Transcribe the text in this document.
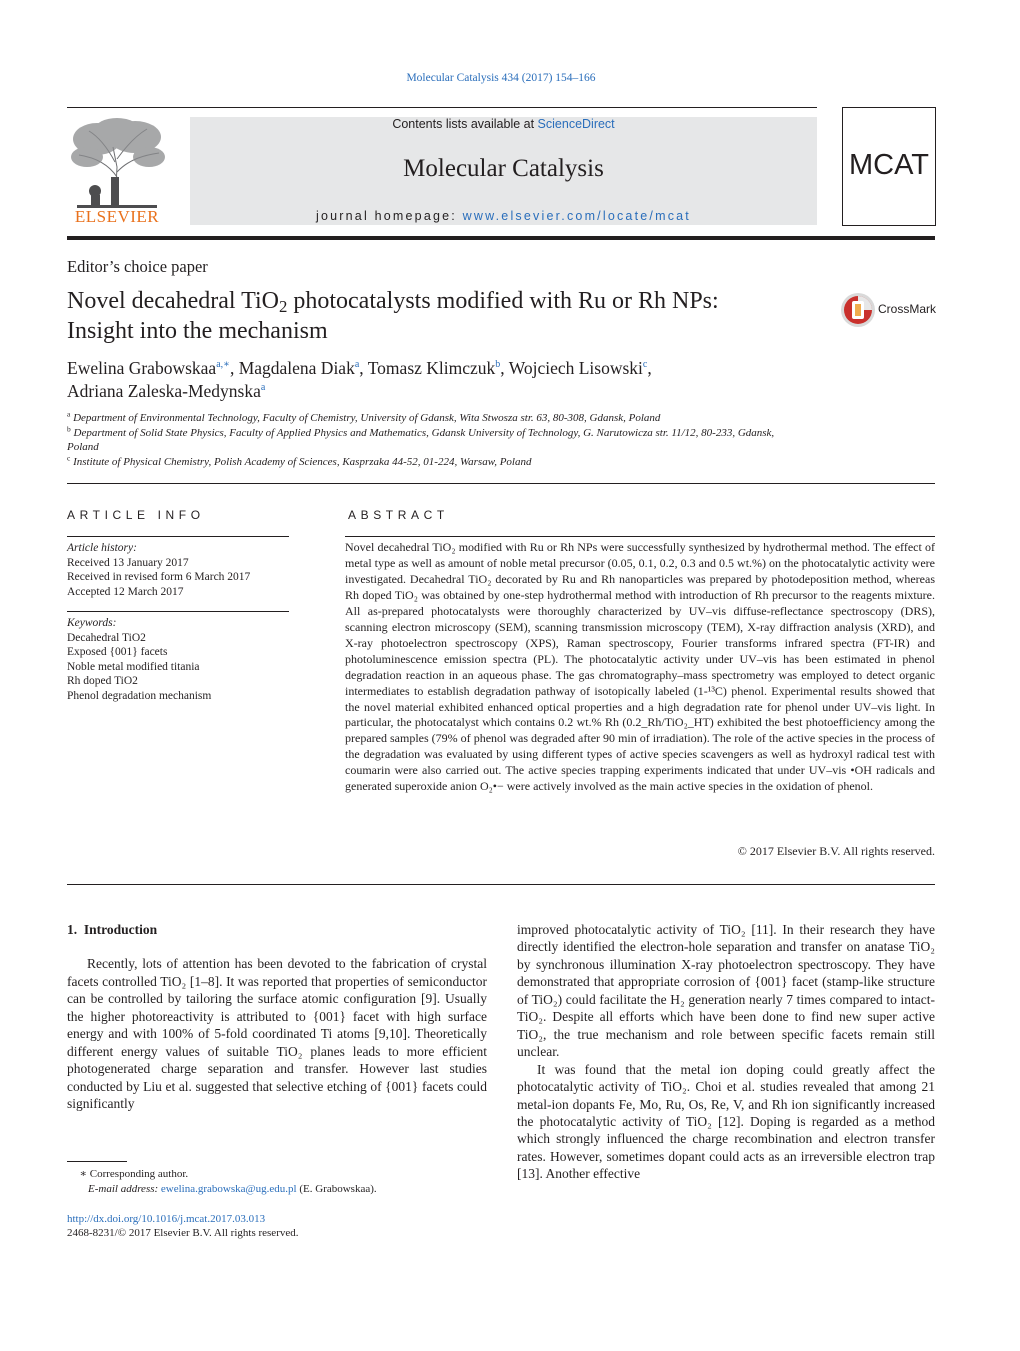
Molecular Catalysis 434 (2017) 154–166
ELSEVIER
Contents lists available at ScienceDirect
Molecular Catalysis
journal homepage: www.elsevier.com/locate/mcat
MCAT
Editor’s choice paper
Novel decahedral TiO$_2$ photocatalysts modified with Ru or Rh NPs:
Insight into the mechanism
CrossMark
Ewelina Grabowskaa$^{a,∗}$, Magdalena Diak$^a$, Tomasz Klimczuk$^b$, Wojciech Lisowski$^c$,
Adriana Zaleska-Medynska$^a$
$^a$ Department of Environmental Technology, Faculty of Chemistry, University of Gdansk, Wita Stwosza str. 63, 80-308, Gdansk, Poland
$^b$ Department of Solid State Physics, Faculty of Applied Physics and Mathematics, Gdansk University of Technology, G. Narutowicza str. 11/12, 80-233, Gdansk, Poland
$^c$ Institute of Physical Chemistry, Polish Academy of Sciences, Kasprzaka 44-52, 01-224, Warsaw, Poland
ARTICLE INFO
Article history:
Received 13 January 2017
Received in revised form 6 March 2017
Accepted 12 March 2017
Keywords:
Decahedral TiO2
Exposed {001} facets
Noble metal modified titania
Rh doped TiO2
Phenol degradation mechanism
ABSTRACT
Novel decahedral TiO₂ modified with Ru or Rh NPs were successfully synthesized by hydrothermal method. The effect of metal type as well as amount of noble metal precursor (0.05, 0.1, 0.2, 0.3 and 0.5 wt.%) on the photocatalytic activity were investigated. Decahedral TiO₂ decorated by Ru and Rh nanoparticles was prepared by photodeposition method, whereas Rh doped TiO₂ was obtained by one-step hydrothermal method with introduction of Rh precursor to the reagents mixture. All as-prepared photocatalysts were thoroughly characterized by UV–vis diffuse-reflectance spectroscopy (DRS), scanning electron microscopy (SEM), scanning transmission microscopy (TEM), X-ray diffraction analysis (XRD), and X-ray photoelectron spectroscopy (XPS), Raman spectroscopy, Fourier transforms infrared spectra (FT-IR) and photoluminescence emission spectra (PL). The photocatalytic activity under UV–vis has been estimated in phenol degradation reaction in an aqueous phase. The gas chromatography–mass spectrometry was employed to detect organic intermediates to establish degradation pathway of isotopically labeled (1-¹³C) phenol. Experimental results showed that the novel material exhibited enhanced optical properties and a high degradation rate for phenol under UV–vis light. In particular, the photocatalyst which contains 0.2 wt.% Rh (0.2_Rh/TiO₂_HT) exhibited the best photoefficiency among the prepared samples (79% of phenol was degraded after 90 min of irradiation). The role of the active species in the process of the degradation was evaluated by using different types of active species scavengers as well as hydroxyl radical test with coumarin were also carried out. The active species trapping experiments indicated that under UV–vis •OH radicals and generated superoxide anion O₂•− were actively involved as the main active species in the oxidation of phenol.
© 2017 Elsevier B.V. All rights reserved.

1. Introduction

Recently, lots of attention has been devoted to the fabrication of crystal facets controlled TiO₂ [1–8]. It was reported that properties of semiconductor can be controlled by tailoring the surface atomic configuration [9]. Usually the higher photoreactivity is attributed to {001} facet with high surface energy and with 100% of 5-fold coordinated Ti atoms [9,10]. Theoretically different energy values of suitable TiO₂ planes leads to more efficient photogenerated charge separation and transfer. However last studies conducted by Liu et al. suggested that selective etching of {001} facets could significantly

improved photocatalytic activity of TiO₂ [11]. In their research they have directly identified the electron-hole separation and transfer on anatase TiO₂ by synchronous illumination X-ray photoelectron spectroscopy. They have demonstrated that appropriate corrosion of {001} facet (stamp-like structure of TiO₂) could facilitate the H₂ generation nearly 7 times compared to intact-TiO₂. Despite all efforts which have been done to find new super active TiO₂, the true mechanism and role between specific facets remain still unclear.

It was found that the metal ion doping could greatly affect the photocatalytic activity of TiO₂. Choi et al. studies revealed that among 21 metal-ion dopants Fe, Mo, Ru, Os, Re, V, and Rh ion significantly increased the photocatalytic activity of TiO₂ [12]. Doping is regarded as a method which strongly influenced the charge recombination and electron transfer rates. However, sometimes dopant could acts as an irreversible electron trap [13]. Another effective

∗ Corresponding author.
E-mail address: ewelina.grabowska@ug.edu.pl (E. Grabowskaa).
http://dx.doi.org/10.1016/j.mcat.2017.03.013
2468-8231/© 2017 Elsevier B.V. All rights reserved.
